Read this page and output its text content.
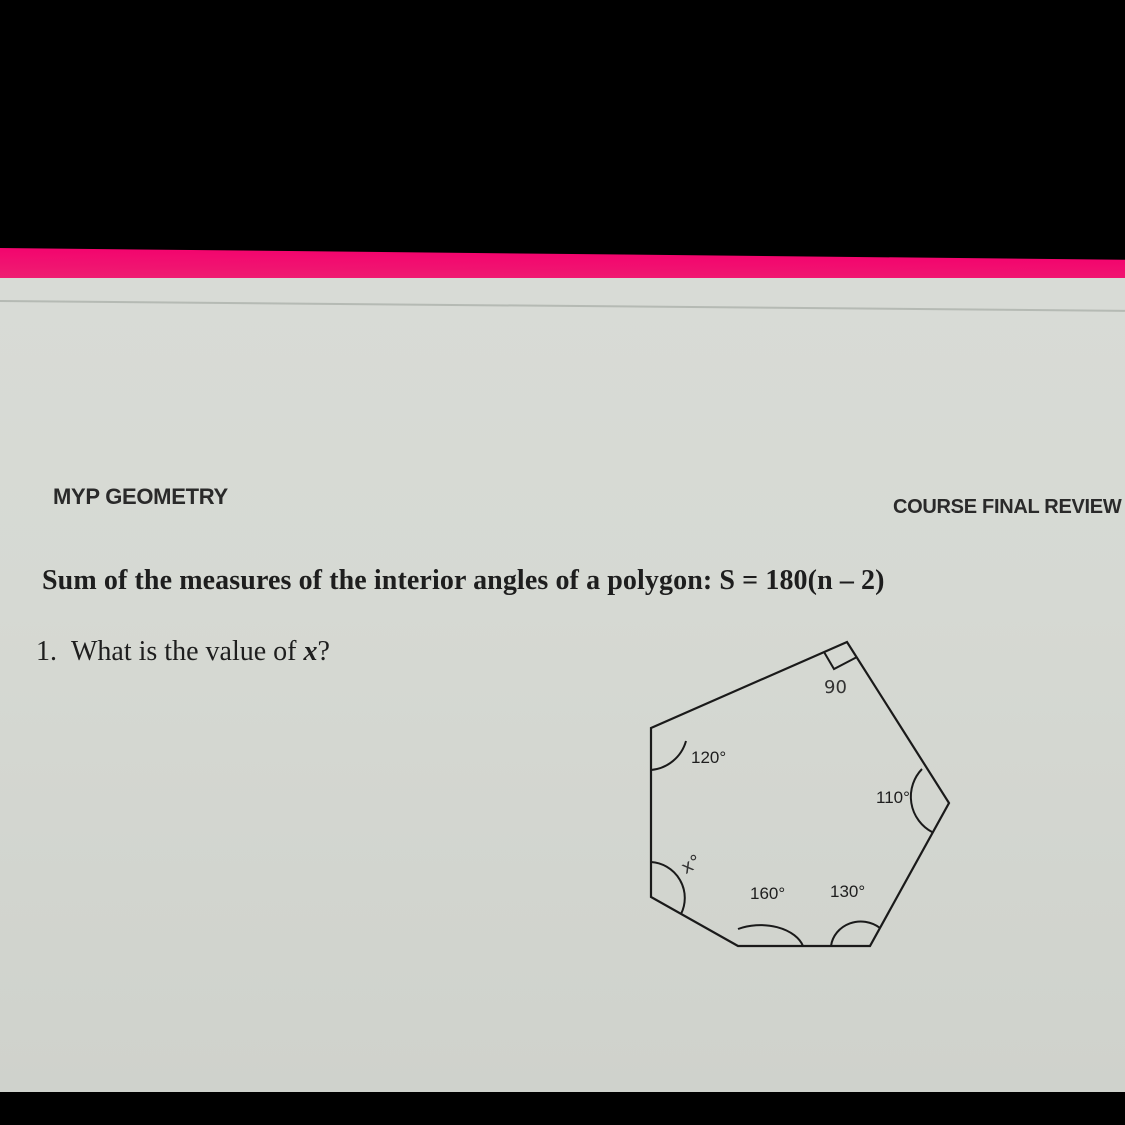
MYP GEOMETRY	COURSE FINAL REVIEW
Sum of the measures of the interior angles of a polygon: S = 180(n – 2)
1. What is the value of x?
90
120°
110°
x°
160°	130°
